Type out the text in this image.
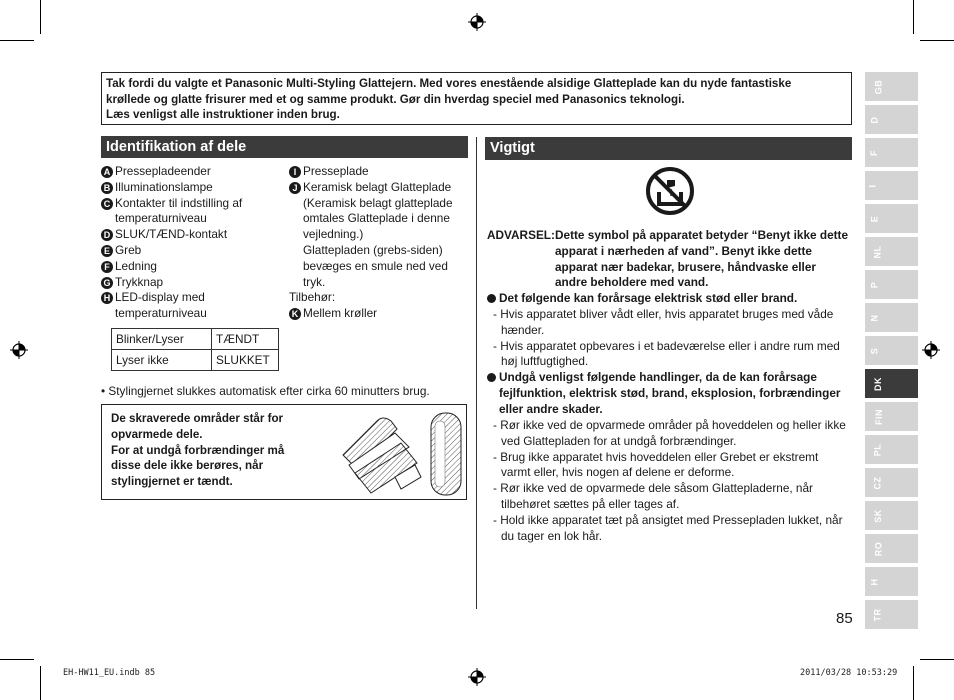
Tak fordi du valgte et Panasonic Multi-Styling Glattejern. Med vores enestående alsidige Glatteplade kan du nyde fantastiske
krøllede og glatte frisurer med et og samme produkt. Gør din hverdag speciel med Panasonics teknologi.
Læs venligst alle instruktioner inden brug.
Identifikation af dele
A Pressepladeender
B Illuminationslampe
C Kontakter til indstilling af
temperaturniveau
D SLUK/TÆND-kontakt
E Greb
F Ledning
G Trykknap
H LED-display med
temperaturniveau
I Presseplade
J Keramisk belagt Glatteplade
(Keramisk belagt glatteplade
omtales Glatteplade i denne
vejledning.)
Glattepladen (grebs-siden)
bevæges en smule ned ved
tryk.
Tilbehør:
K Mellem krøller
Blinker/Lyser	TÆNDT
Lyser ikke	SLUKKET
• Stylingjernet slukkes automatisk efter cirka 60 minutters brug.
De skraverede områder står for
opvarmede dele.
For at undgå forbrændinger må
disse dele ikke berøres, når
stylingjernet er tændt.
Vigtigt
ADVARSEL: Dette symbol på apparatet betyder “Benyt ikke dette
apparat i nærheden af vand”. Benyt ikke dette
apparat nær badekar, brusere, håndvaske eller
andre beholdere med vand.
Det følgende kan forårsage elektrisk stød eller brand.
- Hvis apparatet bliver vådt eller, hvis apparatet bruges med våde
hænder.
- Hvis apparatet opbevares i et badeværelse eller i andre rum med
høj luftfugtighed.
Undgå venligst følgende handlinger, da de kan forårsage
fejlfunktion, elektrisk stød, brand, eksplosion, forbrændinger
eller andre skader.
- Rør ikke ved de opvarmede områder på hoveddelen og heller ikke
ved Glattepladen for at undgå forbrændinger.
- Brug ikke apparatet hvis hoveddelen eller Grebet er ekstremt
varmt eller, hvis nogen af delene er deforme.
- Rør ikke ved de opvarmede dele såsom Glattepladerne, når
tilbehøret sættes på eller tages af.
- Hold ikke apparatet tæt på ansigtet med Pressepladen lukket, når
du tager en lok hår.
GB
D
F
I
E
NL
P
N
S
DK
FIN
PL
CZ
SK
RO
H
TR
85
EH-HW11_EU.indb 85	2011/03/28 10:53:29
